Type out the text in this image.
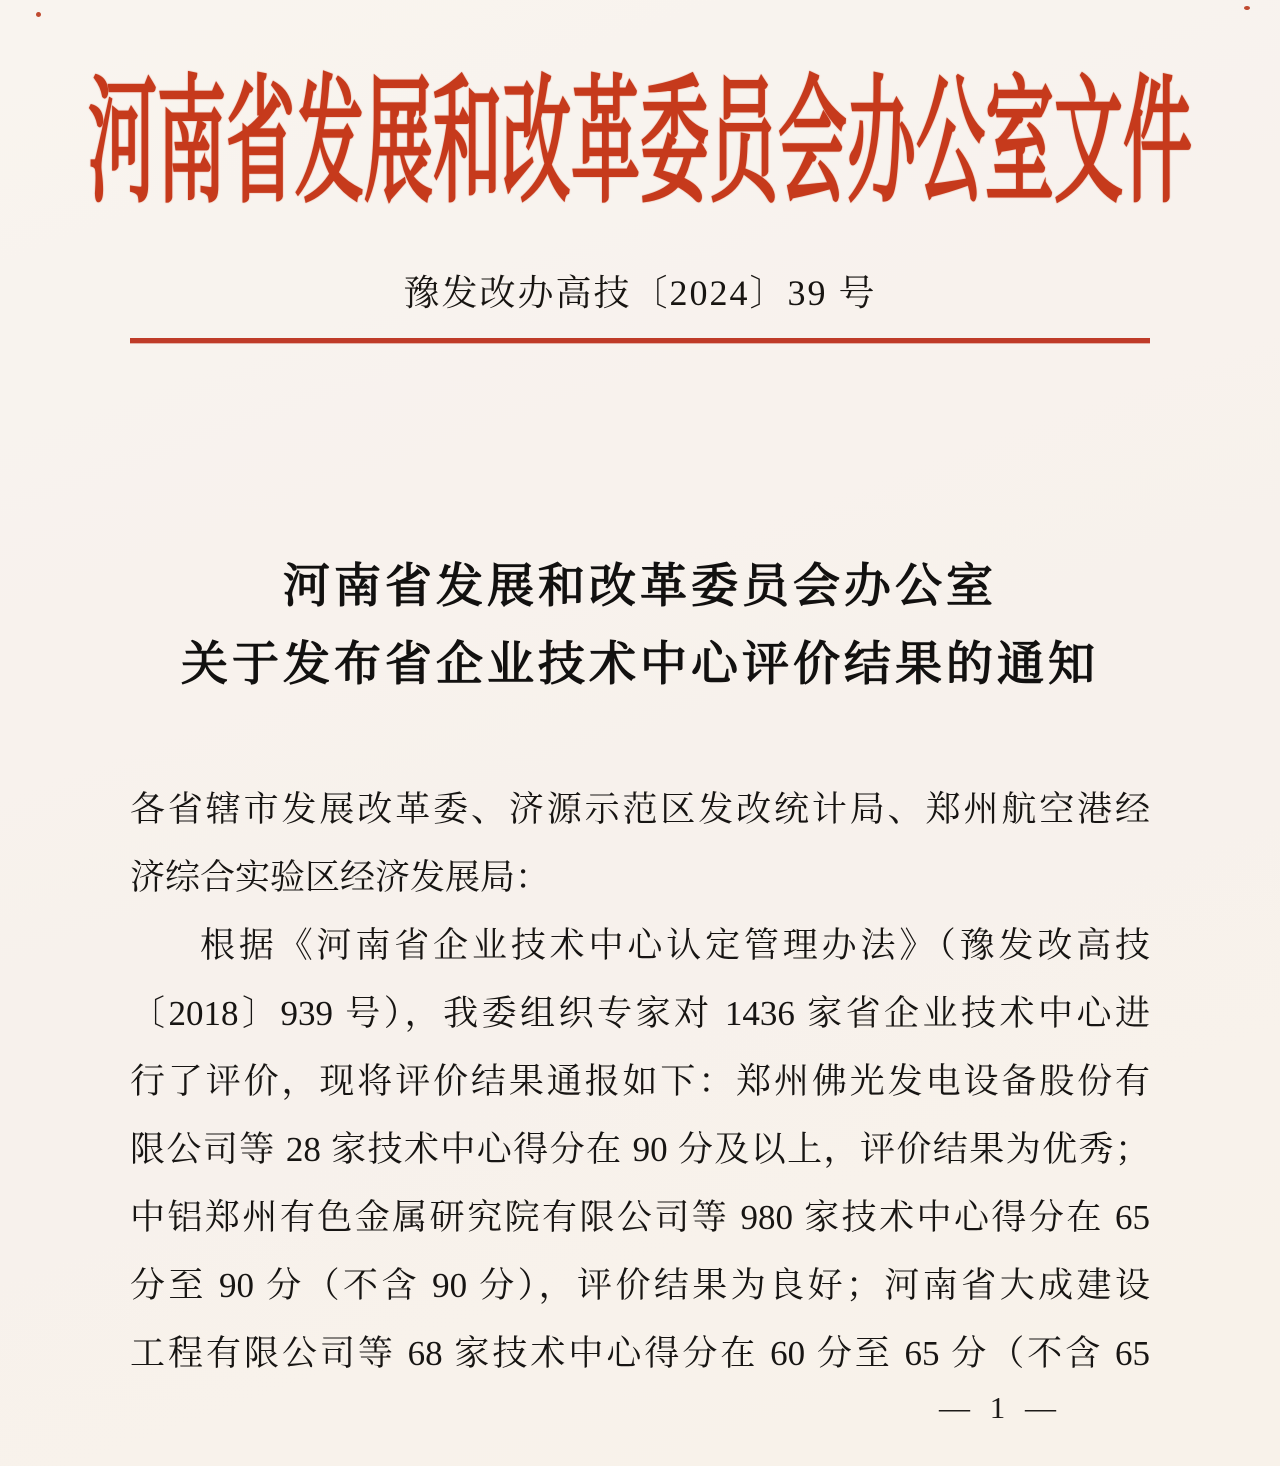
河南省发展和改革委员会办公室文件
豫发改办高技〔2024〕39 号
河南省发展和改革委员会办公室
关于发布省企业技术中心评价结果的通知
各省辖市发展改革委、济源示范区发改统计局、郑州航空港经
济综合实验区经济发展局：
根据《河南省企业技术中心认定管理办法》（豫发改高技
〔2018〕939 号），我委组织专家对 1436 家省企业技术中心进
行了评价，现将评价结果通报如下：郑州佛光发电设备股份有
限公司等 28 家技术中心得分在 90 分及以上，评价结果为优秀；
中铝郑州有色金属研究院有限公司等 980 家技术中心得分在 65
分至 90 分（不含 90 分），评价结果为良好；河南省大成建设
工程有限公司等 68 家技术中心得分在 60 分至 65 分（不含 65
— 1 —
